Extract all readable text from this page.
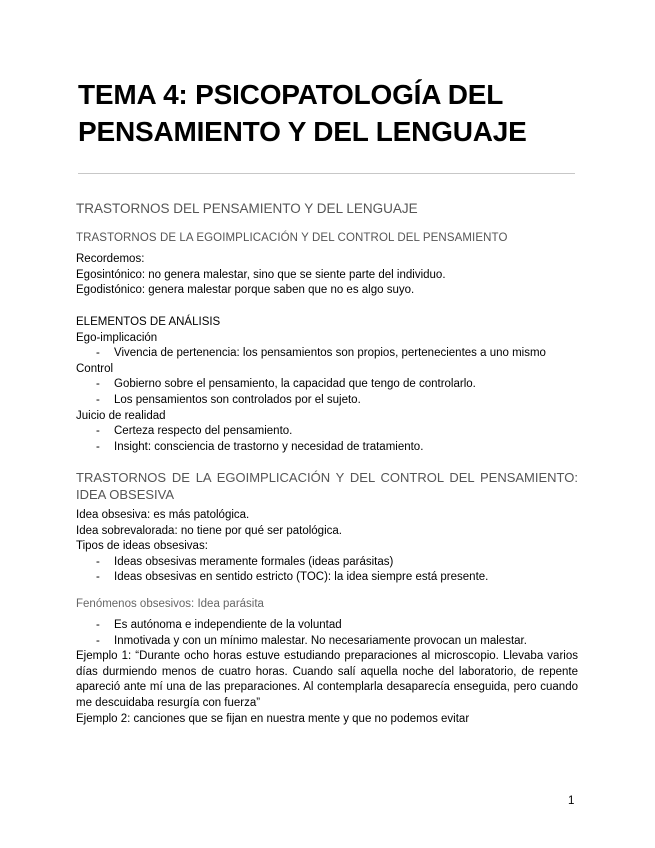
TEMA 4: PSICOPATOLOGÍA DEL
PENSAMIENTO Y DEL LENGUAJE
TRASTORNOS DEL PENSAMIENTO Y DEL LENGUAJE
TRASTORNOS DE LA EGOIMPLICACIÓN Y DEL CONTROL DEL PENSAMIENTO

Recordemos:

Egosintónico: no genera malestar, sino que se siente parte del individuo.

Egodistónico: genera malestar porque saben que no es algo suyo.

ELEMENTOS DE ANÁLISIS

Ego-implicación

- Vivencia de pertenencia: los pensamientos son propios, pertenecientes a uno mismo

Control

- Gobierno sobre el pensamiento, la capacidad que tengo de controlarlo.
- Los pensamientos son controlados por el sujeto.

Juicio de realidad

- Certeza respecto del pensamiento.
- Insight: consciencia de trastorno y necesidad de tratamiento.
TRASTORNOS DE LA EGOIMPLICACIÓN Y DEL CONTROL DEL PENSAMIENTO: IDEA OBSESIVA

Idea obsesiva: es más patológica.

Idea sobrevalorada: no tiene por qué ser patológica.

Tipos de ideas obsesivas:

- Ideas obsesivas meramente formales (ideas parásitas)
- Ideas obsesivas en sentido estricto (TOC): la idea siempre está presente.
Fenómenos obsesivos: Idea parásita
- Es autónoma e independiente de la voluntad
- Inmotivada y con un mínimo malestar. No necesariamente provocan un malestar.

Ejemplo 1: “Durante ocho horas estuve estudiando preparaciones al microscopio. Llevaba varios días durmiendo menos de cuatro horas. Cuando salí aquella noche del laboratorio, de repente apareció ante mí una de las preparaciones. Al contemplarla desaparecía enseguida, pero cuando me descuidaba resurgía con fuerza”

Ejemplo 2: canciones que se fijan en nuestra mente y que no podemos evitar

1
